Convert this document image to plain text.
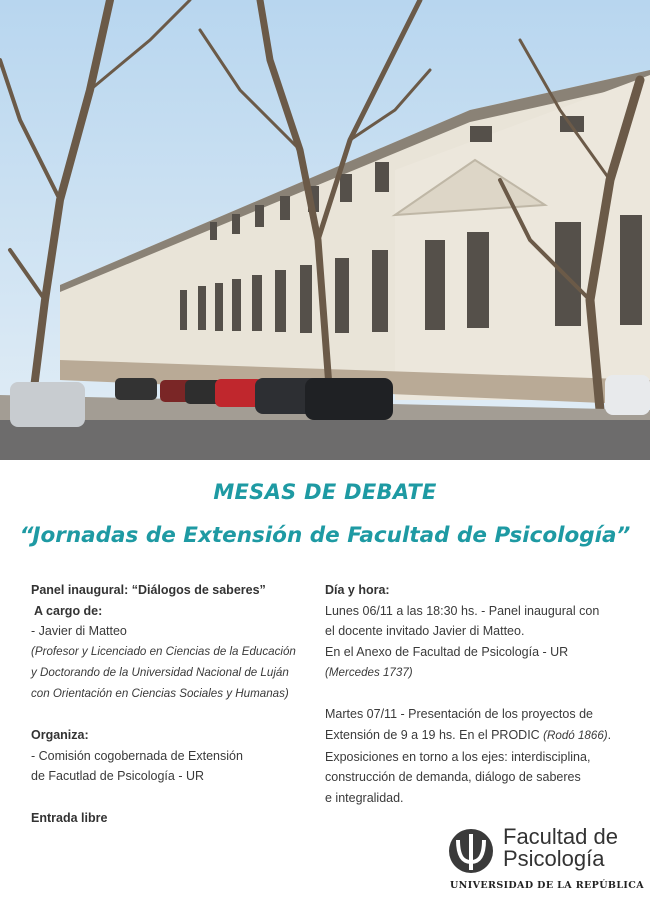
MESAS DE DEBATE
“Jornadas de Extensión de Facultad de Psicología”
Panel inaugural: “Diálogos de saberes”
A cargo de:
- Javier di Matteo
(Profesor y Licenciado en Ciencias de la Educación
y Doctorando de la Universidad Nacional de Luján
con Orientación en Ciencias Sociales y Humanas)
Organiza:
- Comisión cogobernada de Extensión
de Facutlad de Psicología - UR
Entrada libre
Día y hora:
Lunes 06/11 a las 18:30 hs. - Panel inaugural con
el docente invitado Javier di Matteo.
En el Anexo de Facultad de Psicología - UR
(Mercedes 1737)
Martes 07/11 - Presentación de los proyectos de
Extensión de 9 a 19 hs. En el PRODIC (Rodó 1866).
Exposiciones en torno a los ejes: interdisciplina,
construcción de demanda, diálogo de saberes
e integralidad.
Facultad de
Psicología
UNIVERSIDAD DE LA REPÚBLICA
